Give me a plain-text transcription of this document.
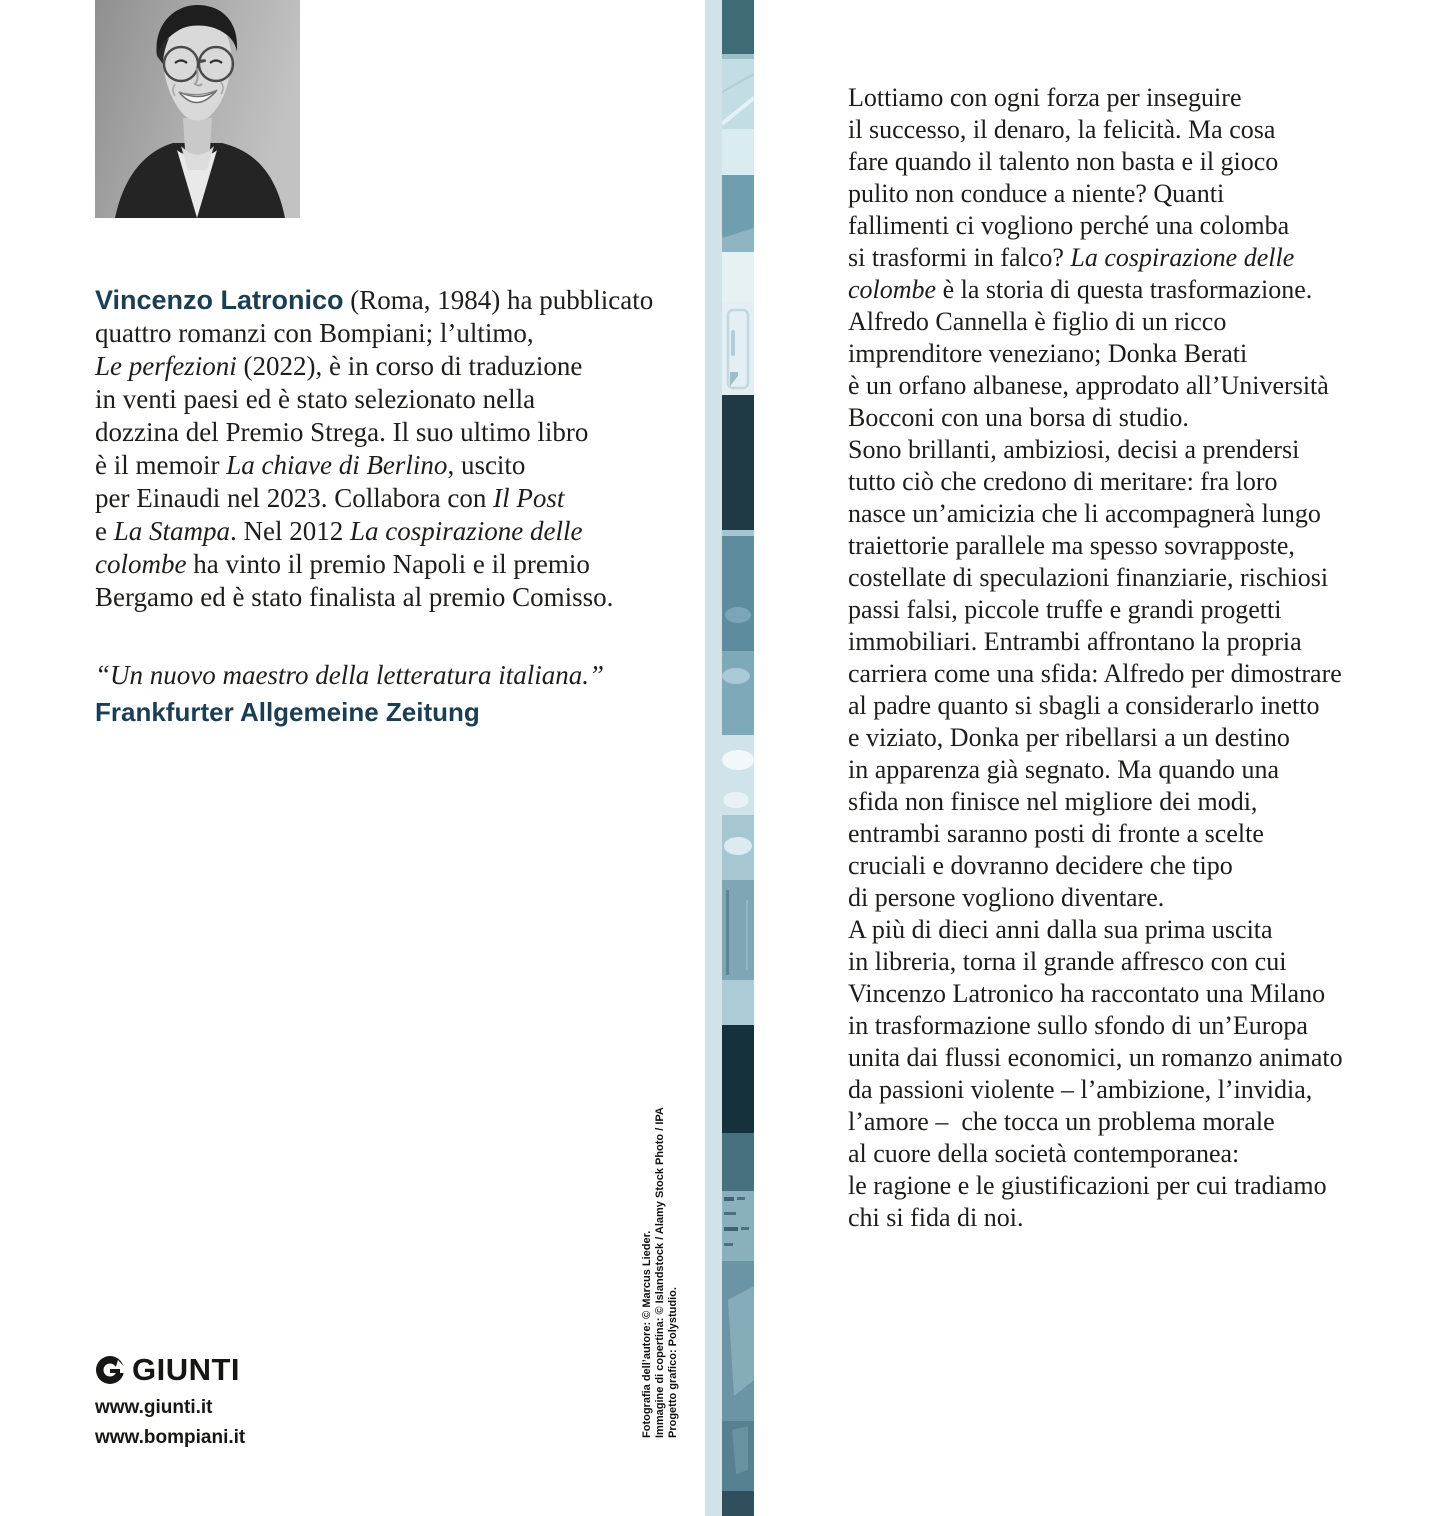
Vincenzo Latronico (Roma, 1984) ha pubblicato
quattro romanzi con Bompiani; l’ultimo,
Le perfezioni (2022), è in corso di traduzione
in venti paesi ed è stato selezionato nella
dozzina del Premio Strega. Il suo ultimo libro
è il memoir La chiave di Berlino, uscito
per Einaudi nel 2023. Collabora con Il Post
e La Stampa. Nel 2012 La cospirazione delle
colombe ha vinto il premio Napoli e il premio
Bergamo ed è stato finalista al premio Comisso.
“Un nuovo maestro della letteratura italiana.”
Frankfurter Allgemeine Zeitung
GIUNTI
www.giunti.it
www.bompiani.it	Fotografia dell’autore: © Marcus Lieder. Immagine di copertina: © Islandstock / Alamy Stock Photo / IPA Progetto grafico: Polystudio.
Lottiamo con ogni forza per inseguire
il successo, il denaro, la felicità. Ma cosa
fare quando il talento non basta e il gioco
pulito non conduce a niente? Quanti
fallimenti ci vogliono perché una colomba
si trasformi in falco? La cospirazione delle
colombe è la storia di questa trasformazione.
Alfredo Cannella è figlio di un ricco
imprenditore veneziano; Donka Berati
è un orfano albanese, approdato all’Università
Bocconi con una borsa di studio.
Sono brillanti, ambiziosi, decisi a prendersi
tutto ciò che credono di meritare: fra loro
nasce un’amicizia che li accompagnerà lungo
traiettorie parallele ma spesso sovrapposte,
costellate di speculazioni finanziarie, rischiosi
passi falsi, piccole truffe e grandi progetti
immobiliari. Entrambi affrontano la propria
carriera come una sfida: Alfredo per dimostrare
al padre quanto si sbagli a considerarlo inetto
e viziato, Donka per ribellarsi a un destino
in apparenza già segnato. Ma quando una
sfida non finisce nel migliore dei modi,
entrambi saranno posti di fronte a scelte
cruciali e dovranno decidere che tipo
di persone vogliono diventare.
A più di dieci anni dalla sua prima uscita
in libreria, torna il grande affresco con cui
Vincenzo Latronico ha raccontato una Milano
in trasformazione sullo sfondo di un’Europa
unita dai flussi economici, un romanzo animato
da passioni violente – l’ambizione, l’invidia,
l’amore –  che tocca un problema morale
al cuore della società contemporanea:
le ragione e le giustificazioni per cui tradiamo
chi si fida di noi.
